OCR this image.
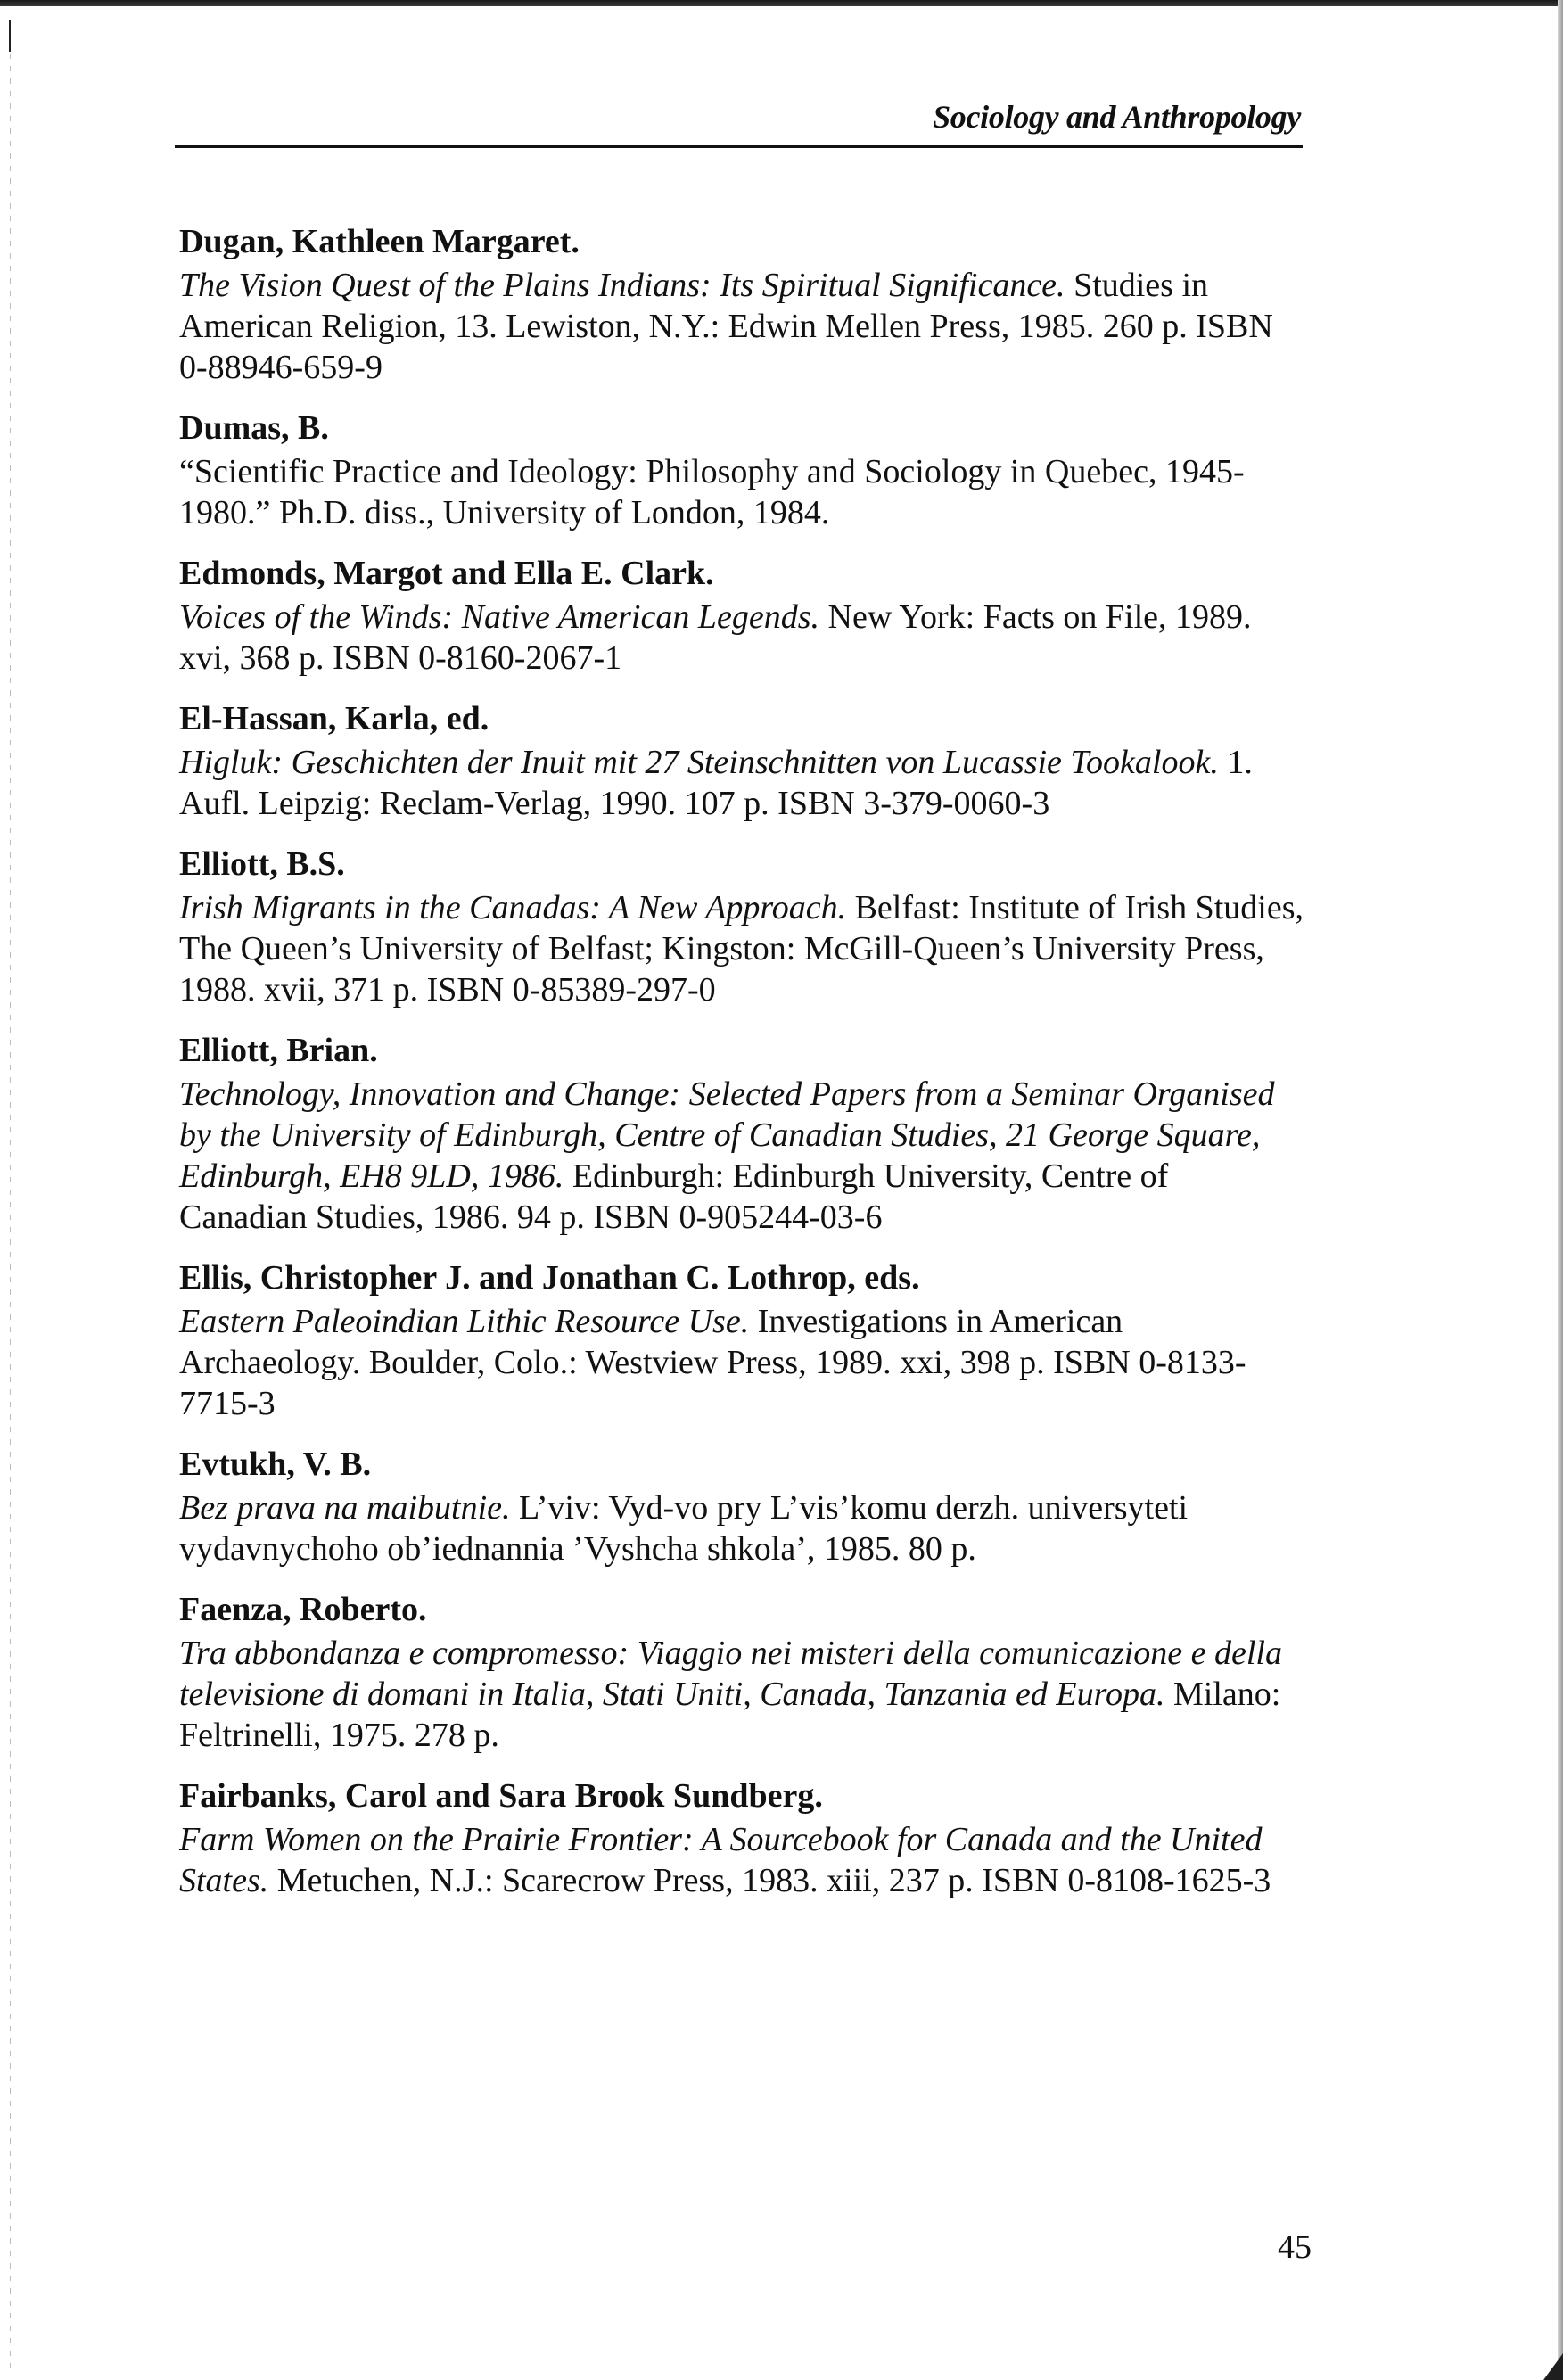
Sociology and Anthropology
Dugan, Kathleen Margaret.
The Vision Quest of the Plains Indians: Its Spiritual Significance. Studies in American Religion, 13. Lewiston, N.Y.: Edwin Mellen Press, 1985. 260 p. ISBN 0-88946-659-9
Dumas, B.
“Scientific Practice and Ideology: Philosophy and Sociology in Quebec, 1945-1980.” Ph.D. diss., University of London, 1984.
Edmonds, Margot and Ella E. Clark.
Voices of the Winds: Native American Legends. New York: Facts on File, 1989. xvi, 368 p. ISBN 0-8160-2067-1
El-Hassan, Karla, ed.
Higluk: Geschichten der Inuit mit 27 Steinschnitten von Lucassie Tookalook. 1. Aufl. Leipzig: Reclam-Verlag, 1990. 107 p. ISBN 3-379-0060-3
Elliott, B.S.
Irish Migrants in the Canadas: A New Approach. Belfast: Institute of Irish Studies, The Queen’s University of Belfast; Kingston: McGill-Queen’s University Press, 1988. xvii, 371 p. ISBN 0-85389-297-0
Elliott, Brian.
Technology, Innovation and Change: Selected Papers from a Seminar Organised by the University of Edinburgh, Centre of Canadian Studies, 21 George Square, Edinburgh, EH8 9LD, 1986. Edinburgh: Edinburgh University, Centre of Canadian Studies, 1986. 94 p. ISBN 0-905244-03-6
Ellis, Christopher J. and Jonathan C. Lothrop, eds.
Eastern Paleoindian Lithic Resource Use. Investigations in American Archaeology. Boulder, Colo.: Westview Press, 1989. xxi, 398 p. ISBN 0-8133-7715-3
Evtukh, V. B.
Bez prava na maibutnie. L’viv: Vyd-vo pry L’vis’komu derzh. universyteti vydavnychoho ob’iednannia ’Vyshcha shkola’, 1985. 80 p.
Faenza, Roberto.
Tra abbondanza e compromesso: Viaggio nei misteri della comunicazione e della televisione di domani in Italia, Stati Uniti, Canada, Tanzania ed Europa. Milano: Feltrinelli, 1975. 278 p.
Fairbanks, Carol and Sara Brook Sundberg.
Farm Women on the Prairie Frontier: A Sourcebook for Canada and the United States. Metuchen, N.J.: Scarecrow Press, 1983. xiii, 237 p. ISBN 0-8108-1625-3
45
